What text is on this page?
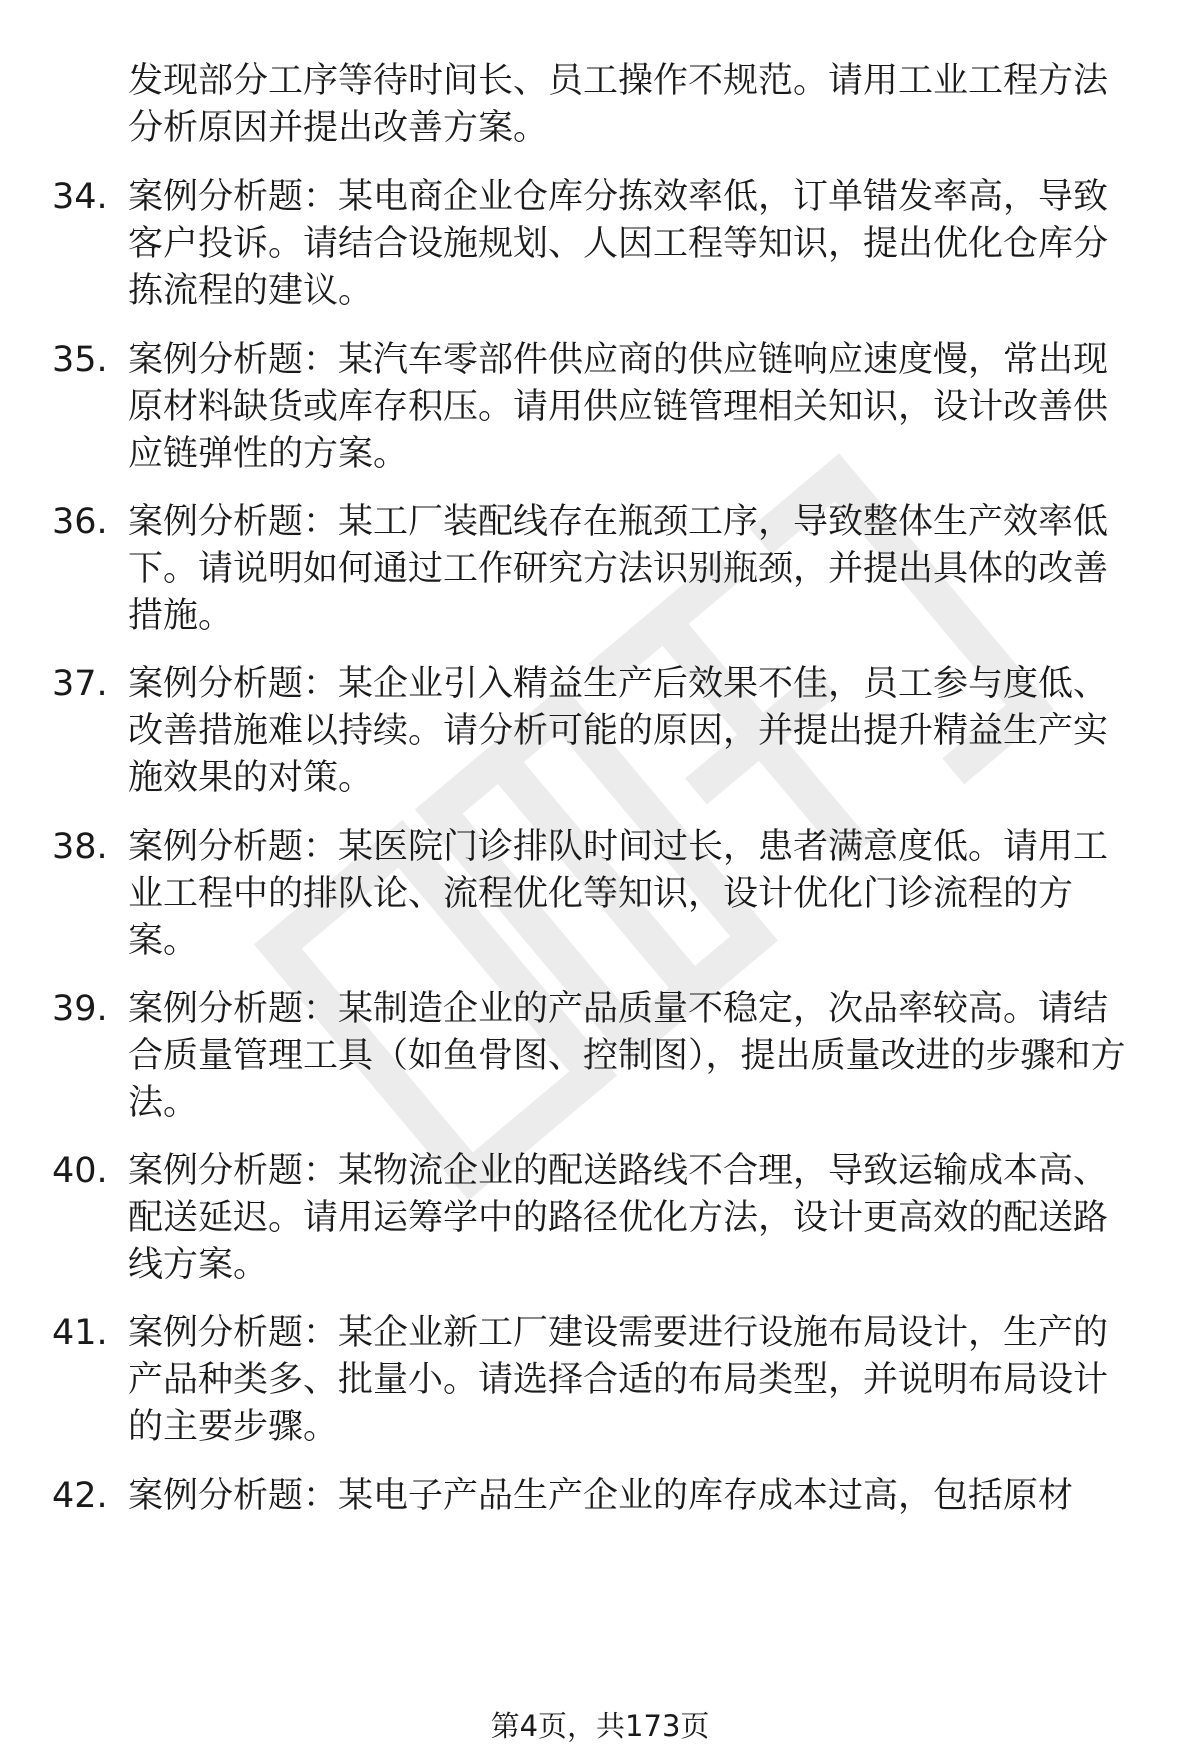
发现部分工序等待时间长、员工操作不规范。请用工业工程方法分析原因并提出改善方案。

34. 案例分析题：某电商企业仓库分拣效率低，订单错发率高，导致客户投诉。请结合设施规划、人因工程等知识，提出优化仓库分拣流程的建议。

35. 案例分析题：某汽车零部件供应商的供应链响应速度慢，常出现原材料缺货或库存积压。请用供应链管理相关知识，设计改善供应链弹性的方案。

36. 案例分析题：某工厂装配线存在瓶颈工序，导致整体生产效率低下。请说明如何通过工作研究方法识别瓶颈，并提出具体的改善措施。

37. 案例分析题：某企业引入精益生产后效果不佳，员工参与度低、改善措施难以持续。请分析可能的原因，并提出提升精益生产实施效果的对策。

38. 案例分析题：某医院门诊排队时间过长，患者满意度低。请用工业工程中的排队论、流程优化等知识，设计优化门诊流程的方案。

39. 案例分析题：某制造企业的产品质量不稳定，次品率较高。请结合质量管理工具（如鱼骨图、控制图），提出质量改进的步骤和方法。

40. 案例分析题：某物流企业的配送路线不合理，导致运输成本高、配送延迟。请用运筹学中的路径优化方法，设计更高效的配送路线方案。

41. 案例分析题：某企业新工厂建设需要进行设施布局设计，生产的产品种类多、批量小。请选择合适的布局类型，并说明布局设计的主要步骤。

42. 案例分析题：某电子产品生产企业的库存成本过高，包括原材

第4页，共173页
